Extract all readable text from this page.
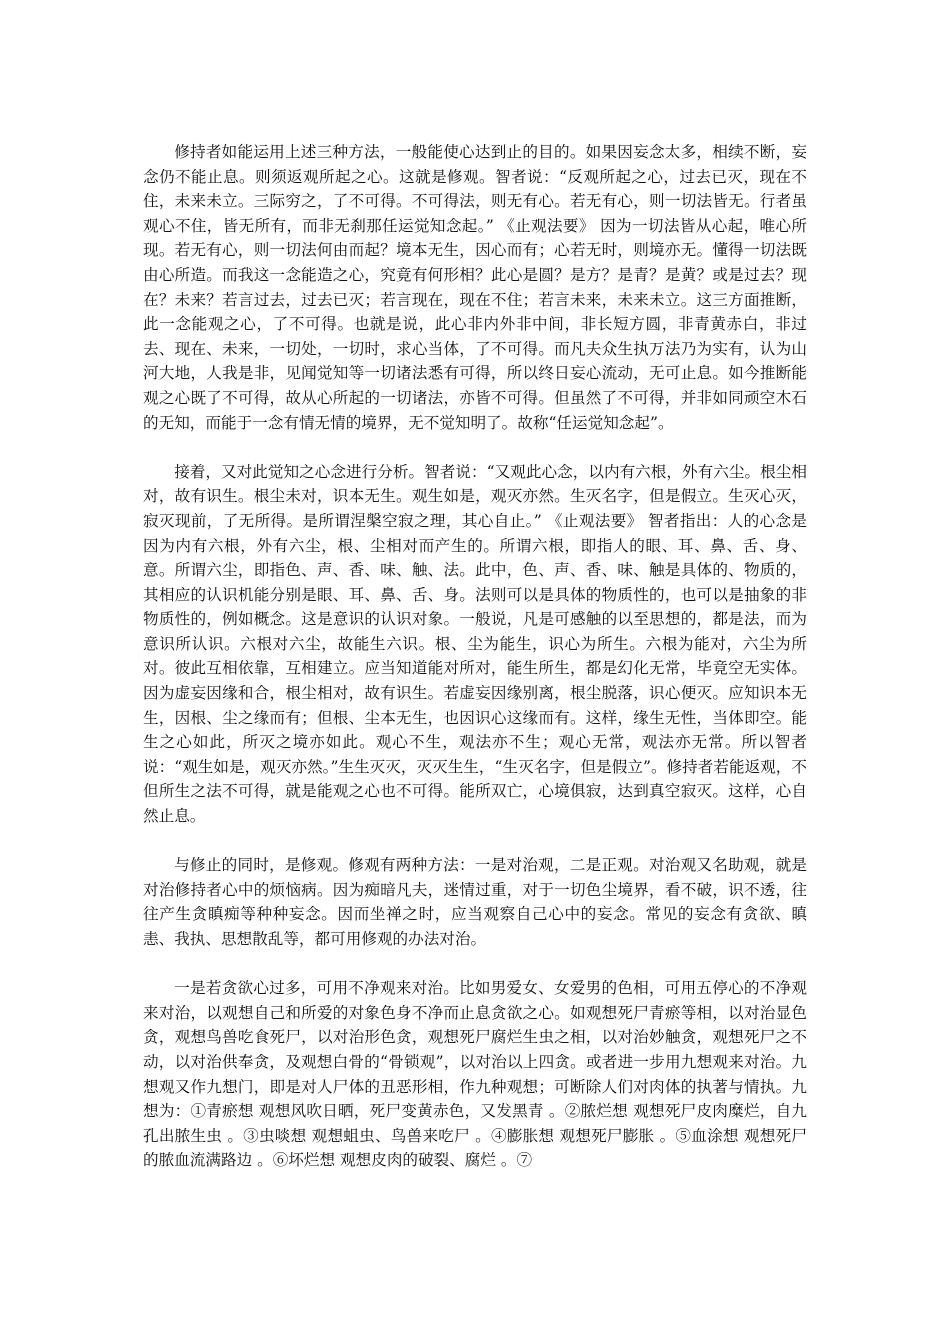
修持者如能运用上述三种方法，一般能使心达到止的目的。如果因妄念太多，相续不断，妄念仍不能止息。则须返观所起之心。这就是修观。智者说：“反观所起之心，过去已灭，现在不住，未来未立。三际穷之，了不可得。不可得法，则无有心。若无有心，则一切法皆无。行者虽观心不住，皆无所有，而非无刹那任运觉知念起。” 《止观法要》 因为一切法皆从心起，唯心所现。若无有心，则一切法何由而起？境本无生，因心而有；心若无时，则境亦无。懂得一切法既由心所造。而我这一念能造之心，究竟有何形相？此心是圆？是方？是青？是黄？或是过去？现在？未来？若言过去，过去已灭；若言现在，现在不住；若言未来，未来未立。这三方面推断，此一念能观之心，了不可得。也就是说，此心非内外非中间，非长短方圆，非青黄赤白，非过去、现在、未来，一切处，一切时，求心当体，了不可得。而凡夫众生执万法乃为实有，认为山河大地，人我是非，见闻觉知等一切诸法悉有可得，所以终日妄心流动，无可止息。如今推断能观之心既了不可得，故从心所起的一切诸法，亦皆不可得。但虽然了不可得，并非如同顽空木石的无知，而能于一念有情无情的境界，无不觉知明了。故称“任运觉知念起”。

接着，又对此觉知之心念进行分析。智者说：“又观此心念，以内有六根，外有六尘。根尘相对，故有识生。根尘未对，识本无生。观生如是，观灭亦然。生灭名字，但是假立。生灭心灭，寂灭现前，了无所得。是所谓涅槃空寂之理，其心自止。” 《止观法要》 智者指出：人的心念是因为内有六根，外有六尘，根、尘相对而产生的。所谓六根，即指人的眼、耳、鼻、舌、身、意。所谓六尘，即指色、声、香、味、触、法。此中，色、声、香、味、触是具体的、物质的，其相应的认识机能分别是眼、耳、鼻、舌、身。法则可以是具体的物质性的，也可以是抽象的非物质性的，例如概念。这是意识的认识对象。一般说，凡是可感触的以至思想的，都是法，而为意识所认识。六根对六尘，故能生六识。根、尘为能生，识心为所生。六根为能对，六尘为所对。彼此互相依靠，互相建立。应当知道能对所对，能生所生，都是幻化无常，毕竟空无实体。因为虚妄因缘和合，根尘相对，故有识生。若虚妄因缘别离，根尘脱落，识心便灭。应知识本无生，因根、尘之缘而有；但根、尘本无生，也因识心这缘而有。这样，缘生无性，当体即空。能生之心如此，所灭之境亦如此。观心不生，观法亦不生；观心无常，观法亦无常。所以智者说：“观生如是，观灭亦然。”生生灭灭，灭灭生生，“生灭名字，但是假立”。修持者若能返观，不但所生之法不可得，就是能观之心也不可得。能所双亡，心境俱寂，达到真空寂灭。这样，心自然止息。

与修止的同时，是修观。修观有两种方法：一是对治观，二是正观。对治观又名助观，就是对治修持者心中的烦恼病。因为痴暗凡夫，迷情过重，对于一切色尘境界，看不破，识不透，往往产生贪瞋痴等种种妄念。因而坐禅之时，应当观察自己心中的妄念。常见的妄念有贪欲、瞋恚、我执、思想散乱等，都可用修观的办法对治。

一是若贪欲心过多，可用不净观来对治。比如男爱女、女爱男的色相，可用五停心的不净观来对治，以观想自己和所爱的对象色身不净而止息贪欲之心。如观想死尸青瘀等相，以对治显色贪，观想鸟兽吃食死尸，以对治形色贪，观想死尸腐烂生虫之相，以对治妙触贪，观想死尸之不动，以对治供奉贪，及观想白骨的“骨锁观”，以对治以上四贪。或者进一步用九想观来对治。九想观又作九想门，即是对人尸体的丑恶形相，作九种观想；可断除人们对肉体的执著与情执。九想为：①青瘀想 观想风吹日晒，死尸变黄赤色，又发黑青 。②脓烂想 观想死尸皮肉糜烂，自九孔出脓生虫 。③虫啖想 观想蛆虫、鸟兽来吃尸 。④膨胀想 观想死尸膨胀 。⑤血涂想 观想死尸的脓血流满路边 。⑥坏烂想 观想皮肉的破裂、腐烂 。⑦
